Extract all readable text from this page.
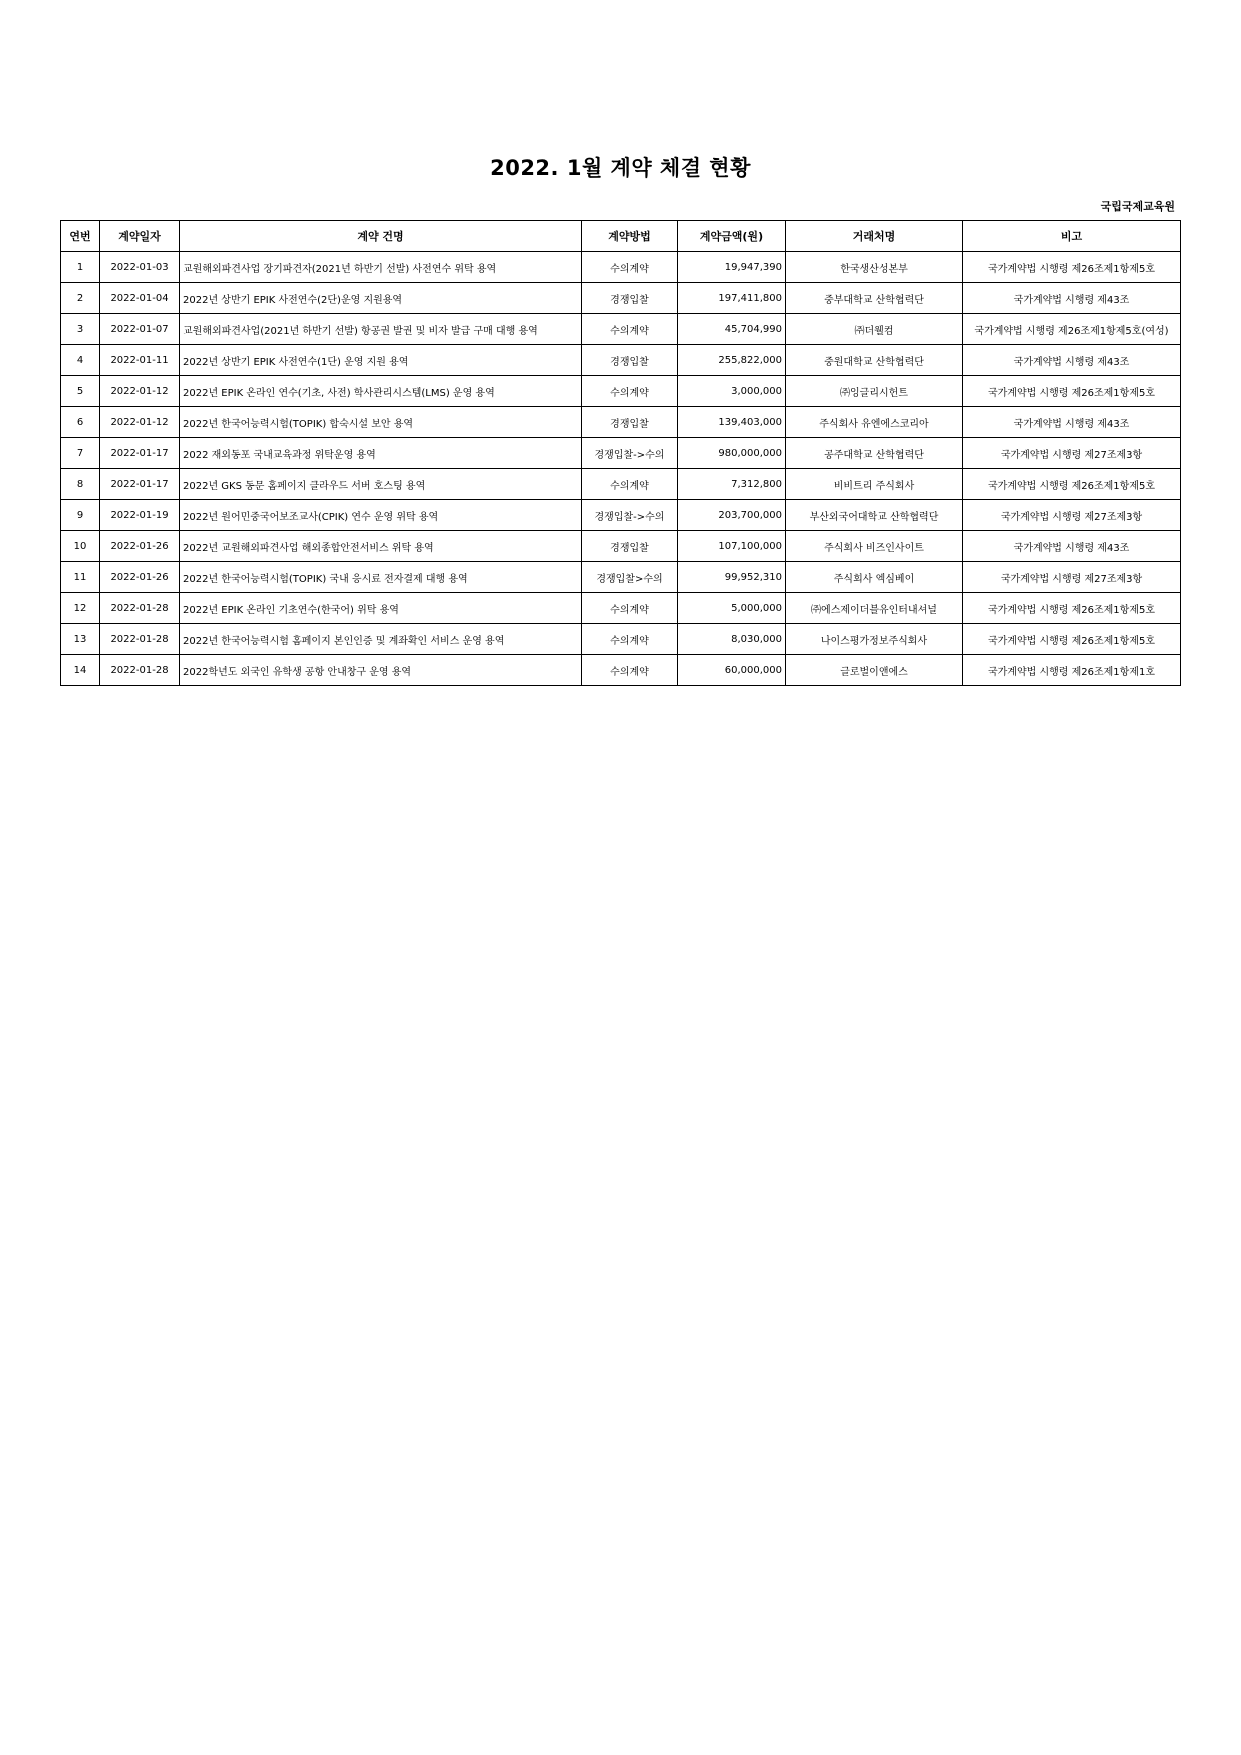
2022. 1월 계약 체결 현황
국립국제교육원
연번	계약일자	계약 건명	계약방법	계약금액(원)	거래처명	비고
1	2022-01-03	교원해외파견사업 장기파견자(2021년 하반기 선발) 사전연수 위탁 용역	수의계약	19,947,390	한국생산성본부	국가계약법 시행령 제26조제1항제5호
2	2022-01-04	2022년 상반기 EPIK 사전연수(2단)운영 지원용역	경쟁입찰	197,411,800	중부대학교 산학협력단	국가계약법 시행령 제43조
3	2022-01-07	교원해외파견사업(2021년 하반기 선발) 항공권 발권 및 비자 발급 구매 대행 용역	수의계약	45,704,990	㈜더웰컴	국가계약법 시행령 제26조제1항제5호(여성)
4	2022-01-11	2022년 상반기 EPIK 사전연수(1단) 운영 지원 용역	경쟁입찰	255,822,000	중원대학교 산학협력단	국가계약법 시행령 제43조
5	2022-01-12	2022년 EPIK 온라인 연수(기초, 사전) 학사관리시스템(LMS) 운영 용역	수의계약	3,000,000	㈜잉글리시헌트	국가계약법 시행령 제26조제1항제5호
6	2022-01-12	2022년 한국어능력시험(TOPIK) 합숙시설 보안 용역	경쟁입찰	139,403,000	주식회사 유엔에스코리아	국가계약법 시행령 제43조
7	2022-01-17	2022 재외동포 국내교육과정 위탁운영 용역	경쟁입찰->수의	980,000,000	공주대학교 산학협력단	국가계약법 시행령 제27조제3항
8	2022-01-17	2022년 GKS 동문 홈페이지 클라우드 서버 호스팅 용역	수의계약	7,312,800	비비트리 주식회사	국가계약법 시행령 제26조제1항제5호
9	2022-01-19	2022년 원어민중국어보조교사(CPIK) 연수 운영 위탁 용역	경쟁입찰->수의	203,700,000	부산외국어대학교 산학협력단	국가계약법 시행령 제27조제3항
10	2022-01-26	2022년 교원해외파견사업 해외종합안전서비스 위탁 용역	경쟁입찰	107,100,000	주식회사 비즈인사이트	국가계약법 시행령 제43조
11	2022-01-26	2022년 한국어능력시험(TOPIK) 국내 응시료 전자결제 대행 용역	경쟁입찰>수의	99,952,310	주식회사 엑심베이	국가계약법 시행령 제27조제3항
12	2022-01-28	2022년 EPIK 온라인 기초연수(한국어) 위탁 용역	수의계약	5,000,000	㈜에스제이더블유인터내셔널	국가계약법 시행령 제26조제1항제5호
13	2022-01-28	2022년 한국어능력시험 홈페이지 본인인증 및 계좌확인 서비스 운영 용역	수의계약	8,030,000	나이스평가정보주식회사	국가계약법 시행령 제26조제1항제5호
14	2022-01-28	2022학년도 외국인 유학생 공항 안내창구 운영 용역	수의계약	60,000,000	글로벌이앤에스	국가계약법 시행령 제26조제1항제1호
